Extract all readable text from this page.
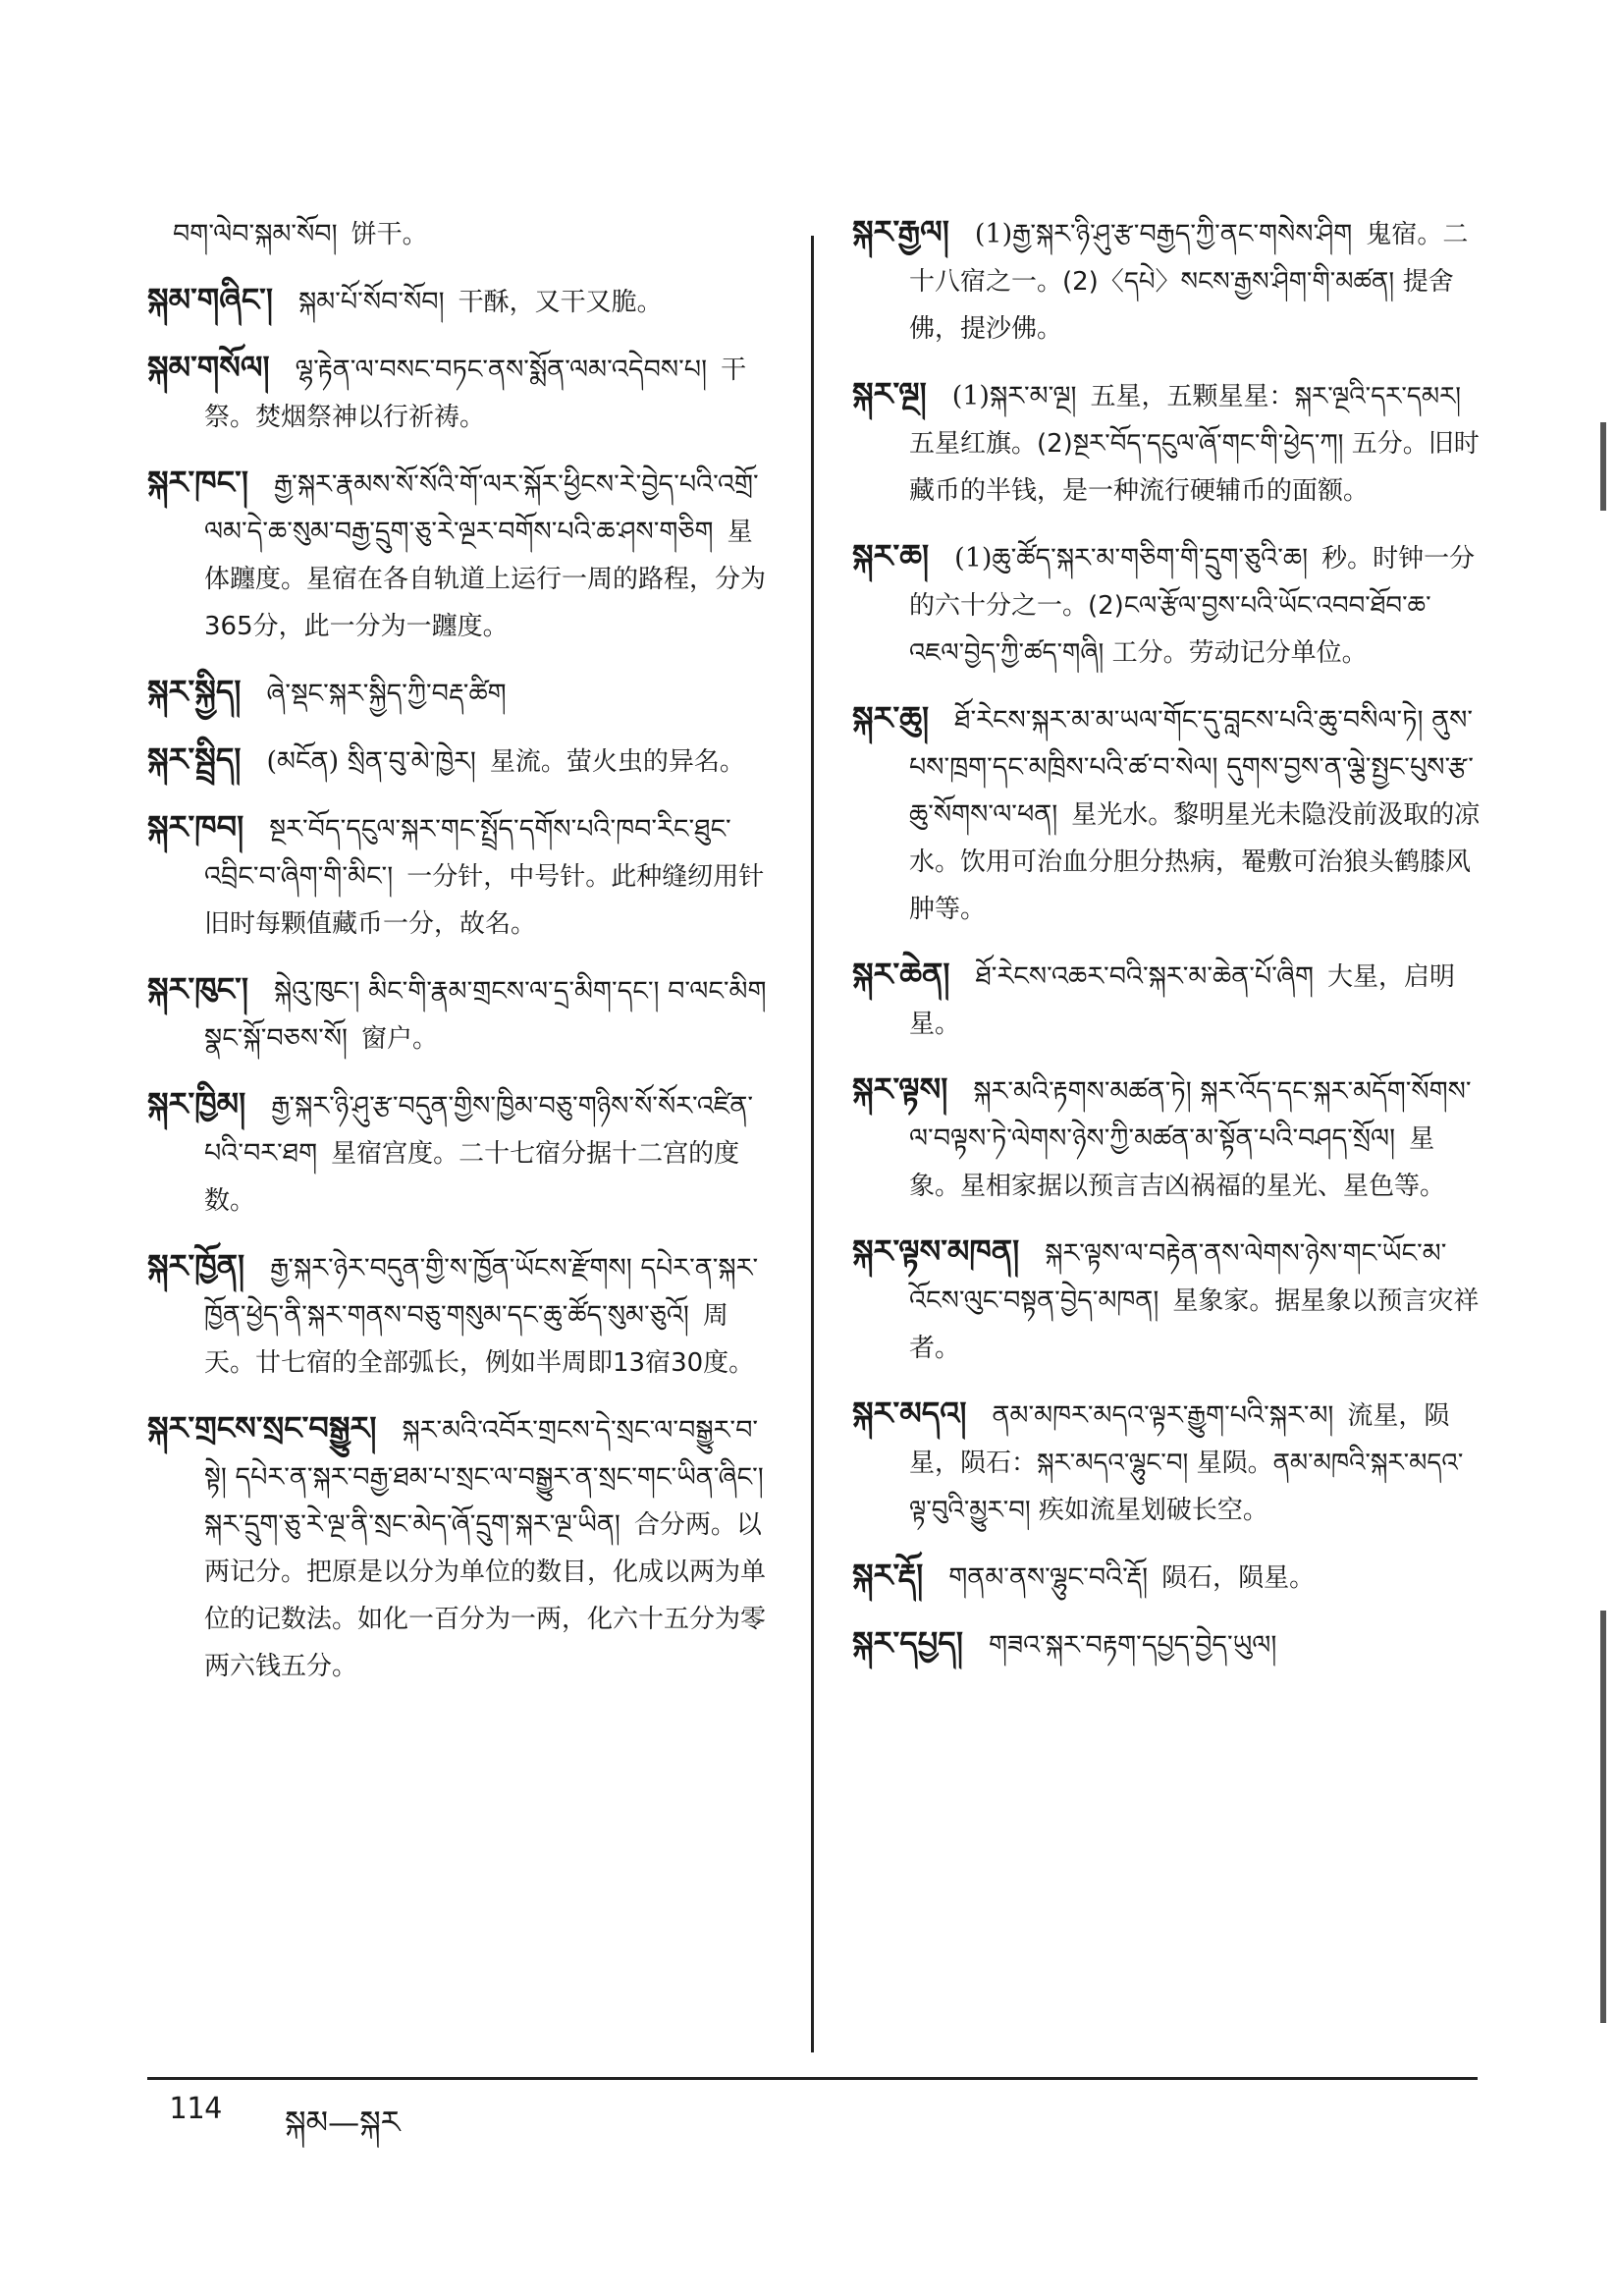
བག་ལེབ་སྐམ་སོབ། 饼干。
སྐམ་གཞིང་། སྐམ་པོ་སོབ་སོབ། 干酥，又干又脆。
སྐམ་གསོལ། ལྷ་རྟེན་ལ་བསང་བཏང་ནས་སྨོན་ལམ་འདེབས་པ། 干祭。焚烟祭神以行祈祷。
སྐར་ཁང་། རྒྱ་སྐར་རྣམས་སོ་སོའི་གོ་ལར་སྐོར་ཕྱིངས་རེ་བྱེད་པའི་འགྲོ་ལམ་དེ་ཆ་སུམ་བརྒྱ་དྲུག་ཅུ་རེ་ལྔར་བགོས་པའི་ཆ་ཤས་གཅིག 星体躔度。星宿在各自轨道上运行一周的路程，分为365分，此一分为一躔度。
སྐར་སྐྱིད། ཞེ་སྡང་སྐར་སྐྱིད་ཀྱི་བརྡ་ཚིག
སྐར་སྦྲིད། (མངོན) སྲིན་བུ་མེ་ཁྱེར། 星流。萤火虫的异名。
སྐར་ཁབ། སྔར་བོད་དངུལ་སྐར་གང་སྤྲོད་དགོས་པའི་ཁབ་རིང་ཐུང་འབྲིང་བ་ཞིག་གི་མིང་། 一分针，中号针。此种缝纫用针旧时每颗值藏币一分，故名。
སྐར་ཁུང་། སྐེའུ་ཁུང་། མིང་གི་རྣམ་གྲངས་ལ་དྲ་མིག་དང་། བ་ལང་མིག སྣང་སྐོ་བཅས་སོ། 窗户。
སྐར་ཁྱིམ། རྒྱ་སྐར་ཉི་ཤུ་རྩ་བདུན་གྱིས་ཁྱིམ་བཅུ་གཉིས་སོ་སོར་འཛིན་པའི་བར་ཐག 星宿宫度。二十七宿分据十二宫的度数。
སྐར་ཁྱོན། རྒྱ་སྐར་ཉེར་བདུན་གྱི་ས་ཁྱོན་ཡོངས་རྫོགས། དཔེར་ན་སྐར་ཁྱོན་ཕྱེད་ནི་སྐར་གནས་བཅུ་གསུམ་དང་ཆུ་ཚོད་སུམ་ཅུའོ། 周天。廿七宿的全部弧长，例如半周即13宿30度。
སྐར་གྲངས་སྲང་བསྒྱུར། སྐར་མའི་འབོར་གྲངས་དེ་སྲང་ལ་བསྒྱུར་བ་སྟེ། དཔེར་ན་སྐར་བརྒྱ་ཐམ་པ་སྲང་ལ་བསྒྱུར་ན་སྲང་གང་ཡིན་ཞིང་། སྐར་དྲུག་ཅུ་རེ་ལྔ་ནི་སྲང་མེད་ཞོ་དྲུག་སྐར་ལྔ་ཡིན། 合分两。以两记分。把原是以分为单位的数目，化成以两为单位的记数法。如化一百分为一两，化六十五分为零两六钱五分。
སྐར་རྒྱལ། (1)རྒྱ་སྐར་ཉི་ཤུ་རྩ་བརྒྱད་ཀྱི་ནང་གསེས་ཤིག 鬼宿。二十八宿之一。(2)〈དཔེ〉སངས་རྒྱས་ཤིག་གི་མཚན། 提舍佛，提沙佛。
སྐར་ལྔ། (1)སྐར་མ་ལྔ། 五星，五颗星星：སྐར་ལྔའི་དར་དམར། 五星红旗。(2)སྔར་བོད་དངུལ་ཞོ་གང་གི་ཕྱེད་ཀ། 五分。旧时藏币的半钱，是一种流行硬辅币的面额。
སྐར་ཆ། (1)ཆུ་ཚོད་སྐར་མ་གཅིག་གི་དྲུག་ཅུའི་ཆ། 秒。时钟一分的六十分之一。(2)ངལ་རྩོལ་བྱས་པའི་ཡོང་འབབ་ཐོབ་ཆ་འཇལ་བྱེད་ཀྱི་ཚད་གཞི། 工分。劳动记分单位。
སྐར་ཆུ། ཐོ་རེངས་སྐར་མ་མ་ཡལ་གོང་དུ་བླངས་པའི་ཆུ་བསིལ་ཏེ། ནུས་པས་ཁྲག་དང་མཁྲིས་པའི་ཚ་བ་སེལ། དུགས་བྱས་ན་ལྕེ་སྤྱང་པུས་རྩ་ཆུ་སོགས་ལ་ཕན། 星光水。黎明星光未隐没前汲取的凉水。饮用可治血分胆分热病，罨敷可治狼头鹤膝风肿等。
སྐར་ཆེན། ཐོ་རེངས་འཆར་བའི་སྐར་མ་ཆེན་པོ་ཞིག 大星，启明星。
སྐར་ལྟས། སྐར་མའི་རྟགས་མཚན་ཏེ། སྐར་འོད་དང་སྐར་མདོག་སོགས་ལ་བལྟས་ཏེ་ལེགས་ཉེས་ཀྱི་མཚན་མ་སྟོན་པའི་བཤད་སྲོལ། 星象。星相家据以预言吉凶祸福的星光、星色等。
སྐར་ལྟས་མཁན། སྐར་ལྟས་ལ་བརྟེན་ནས་ལེགས་ཉེས་གང་ཡོང་མ་འོངས་ལུང་བསྟན་བྱེད་མཁན། 星象家。据星象以预言灾祥者。
སྐར་མདའ། ནམ་མཁར་མདའ་ལྟར་རྒྱུག་པའི་སྐར་མ། 流星，陨星，陨石：སྐར་མདའ་ལྷུང་བ། 星陨。ནམ་མཁའི་སྐར་མདའ་ལྟ་བུའི་མྱུར་བ། 疾如流星划破长空。
སྐར་རྡོ། གནམ་ནས་ལྷུང་བའི་རྡོ། 陨石，陨星。
སྐར་དཔྱད། གཟའ་སྐར་བརྟག་དཔྱད་བྱེད་ཡུལ།
114 སྐམ—སྐར
